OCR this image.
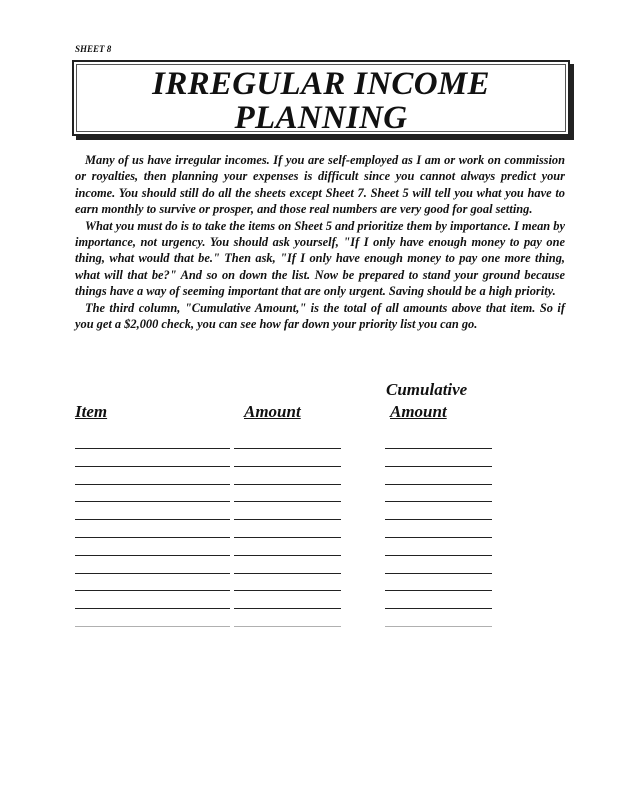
SHEET 8
IRREGULAR INCOME
PLANNING

Many of us have irregular incomes. If you are self-employed as I am or work on commission or royalties, then planning your expenses is difficult since you cannot always predict your income. You should still do all the sheets except Sheet 7. Sheet 5 will tell you what you have to earn monthly to survive or prosper, and those real numbers are very good for goal setting.

What you must do is to take the items on Sheet 5 and prioritize them by importance. I mean by importance, not urgency. You should ask yourself, "If I only have enough money to pay one thing, what would that be." Then ask, "If I only have enough money to pay one more thing, what will that be?" And so on down the list. Now be prepared to stand your ground because things have a way of seeming important that are only urgent. Saving should be a high priority.

The third column, "Cumulative Amount," is the total of all amounts above that item. So if you get a $2,000 check, you can see how far down your priority list you can go.

Item	Amount
Cumulative
Amount
